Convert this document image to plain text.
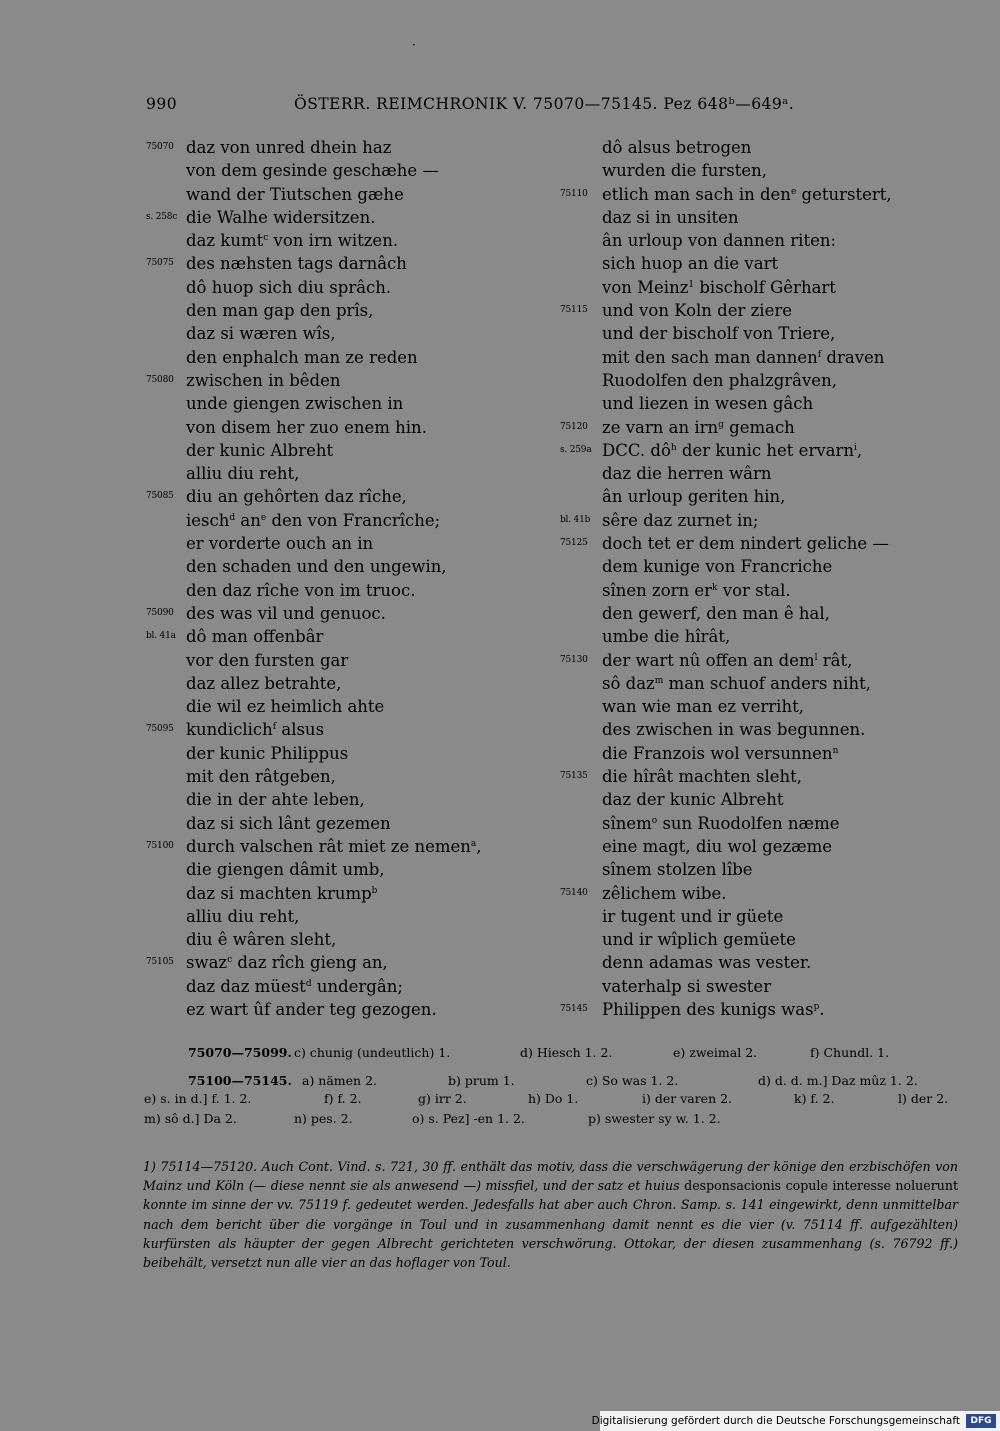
·
990	ÖSTERR. REIMCHRONIK V. 75070—75145. Pez 648ᵇ—649ᵃ.
75070 daz von unred dhein haz
von dem gesinde geschæhe —
wand der Tiutschen gæhe
s. 258c die Walhe widersitzen.
daz kumt$^c$ von irn witzen.
75075 des næhsten tags darnâch
dô huop sich diu sprâch.
den man gap den prîs,
daz si wæren wîs,
den enphalch man ze reden
75080 zwischen in bêden
unde giengen zwischen in
von disem her zuo enem hin.
der kunic Albreht
alliu diu reht,
75085 diu an gehôrten daz rîche,
iesch$^d$ $an^e$ den von Francrîche;
er vorderte ouch an in
den schaden und den ungewin,
den daz rîche von im truoc.
75090 des was vil und genuoc.
bl. 41a dô man offenbâr
vor den fursten gar
daz allez betrahte,
die wil ez heimlich ahte
75095 kundiclich$^f$ alsus
der kunic Philippus
mit den râtgeben,
die in der ahte leben,
daz si sich lânt gezemen
75100 durch valschen rât miet ze nemen$^a$,
die giengen dâmit umb,
daz si machten krump$^b$
alliu diu reht,
diu ê wâren sleht,
75105 swaz$^c$ daz rîch gieng an,
daz daz müest$^d$ undergân;
ez wart ûf ander teg gezogen.
dô alsus betrogen
wurden die fursten,
75110 etlich man sach in den$^e$ geturstert,
daz si in unsiten
ân urloup von dannen riten:
sich huop an die vart
von Meinz$^1$ bischolf Gêrhart
75115 und von Koln der ziere
und der bischolf von Triere,
mit den sach man dannen$^f$ draven
Ruodolfen den phalzgrâven,
und liezen in wesen gâch
75120 ze varn an irn$^g$ gemach
s. 259a DCC. $dô^h$ der kunic het ervarn$^i$,
daz die herren wârn
ân urloup geriten hin,
bl. 41b sêre daz zurnet in;
75125 doch tet er dem nindert geliche —
dem kunige von Francriche
sînen zorn $er^k$ vor stal.
den gewerf, den man ê hal,
umbe die hîrât,
75130 der wart nû offen an dem$^l$ rât,
sô daz$^m$ man schuof anders niht,
wan wie man ez verriht,
des zwischen in was begunnen.
die Franzois wol versunnen$^n$
75135 die hîrât machten sleht,
daz der kunic Albreht
sînem$^o$ sun Ruodolfen næme
eine magt, diu wol gezæme
sînem stolzen lîbe
75140 zêlichem wibe.
ir tugent und ir güete
und ir wîplich gemüete
denn adamas was vester.
vaterhalp si swester
75145 Philippen des kunigs was$^p$.
75070—75099. c) chunig (undeutlich) 1.	d) Hiesch 1. 2.	e) zweimal 2.	f) Chundl. 1.
75100—75145. a) nämen 2.	b) prum 1.	c) So was 1. 2.	d) d. d. m.] Daz mûz 1. 2.
e) s. in d.] f. 1. 2.	f) f. 2.	g) irr 2.	h) Do 1.	i) der varen 2.	k) f. 2.	l) der 2.
m) sô d.] Da 2.	n) pes. 2.	o) s. Pez] -en 1. 2.	p) swester sy w. 1. 2.
1) 75114—75120. Auch Cont. Vind. s. 721, 30 ff. enthält das motiv, dass die verschwägerung der könige den erzbischöfen von Mainz und Köln (— diese nennt sie als anwesend —) missfiel, und der satz et huius desponsacionis copule interesse noluerunt konnte im sinne der vv. 75119 f. gedeutet werden. Jedesfalls hat aber auch Chron. Samp. s. 141 eingewirkt, denn unmittelbar nach dem bericht über die vorgänge in Toul und in zusammenhang damit nennt es die vier (v. 75114 ff. aufgezählten) kurfürsten als häupter der gegen Albrecht gerichteten verschwörung. Ottokar, der diesen zusammenhang (s. 76792 ff.) beibehält, versetzt nun alle vier an das hoflager von Toul.
Digitalisierung gefördert durch die Deutsche Forschungsgemeinschaft	DFG
